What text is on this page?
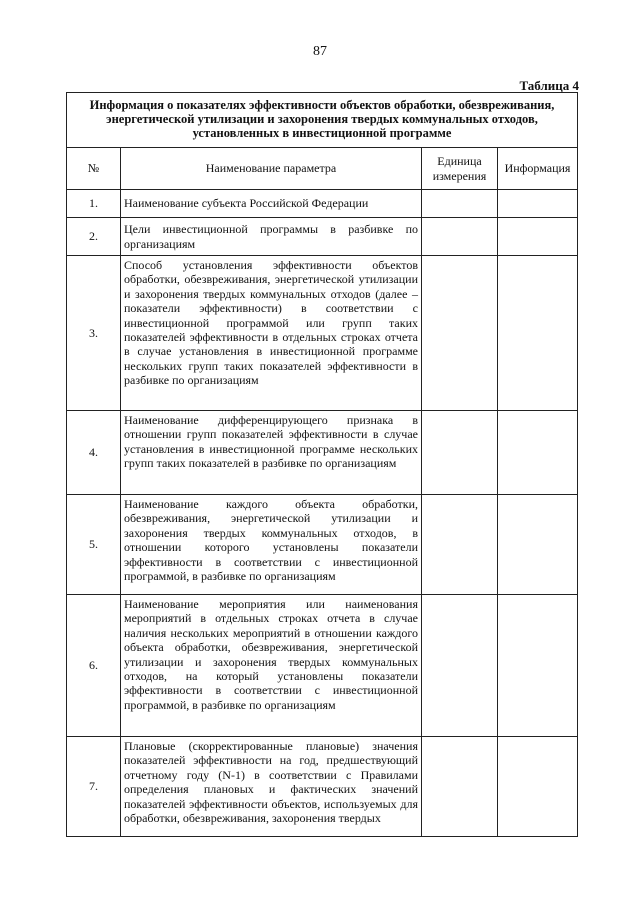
87
Таблица 4
Информация о показателях эффективности объектов обработки, обезвреживания, энергетической утилизации и захоронения твердых коммунальных отходов, установленных в инвестиционной программе			
№	Наименование параметра	Единица измерения	Информация
1.	Наименование субъекта Российской Федерации		
2.	Цели инвестиционной программы в разбивке по организациям		
3.	Способ установления эффективности объектов обработки, обезвреживания, энергетической утилизации и захоронения твердых коммунальных отходов (далее – показатели эффективности) в соответствии с инвестиционной программой или групп таких показателей эффективности в отдельных строках отчета в случае установления в инвестиционной программе нескольких групп таких показателей эффективности в разбивке по организациям		
4.	Наименование дифференцирующего признака в отношении групп показателей эффективности в случае установления в инвестиционной программе нескольких групп таких показателей в разбивке по организациям		
5.	Наименование каждого объекта обработки, обезвреживания, энергетической утилизации и захоронения твердых коммунальных отходов, в отношении которого установлены показатели эффективности в соответствии с инвестиционной программой, в разбивке по организациям		
6.	Наименование мероприятия или наименования мероприятий в отдельных строках отчета в случае наличия нескольких мероприятий в отношении каждого объекта обработки, обезвреживания, энергетической утилизации и захоронения твердых коммунальных отходов, на который установлены показатели эффективности в соответствии с инвестиционной программой, в разбивке по организациям		
7.	Плановые (скорректированные плановые) значения показателей эффективности на год, предшествующий отчетному году (N-1) в соответствии с Правилами определения плановых и фактических значений показателей эффективности объектов, используемых для обработки, обезвреживания, захоронения твердых		
